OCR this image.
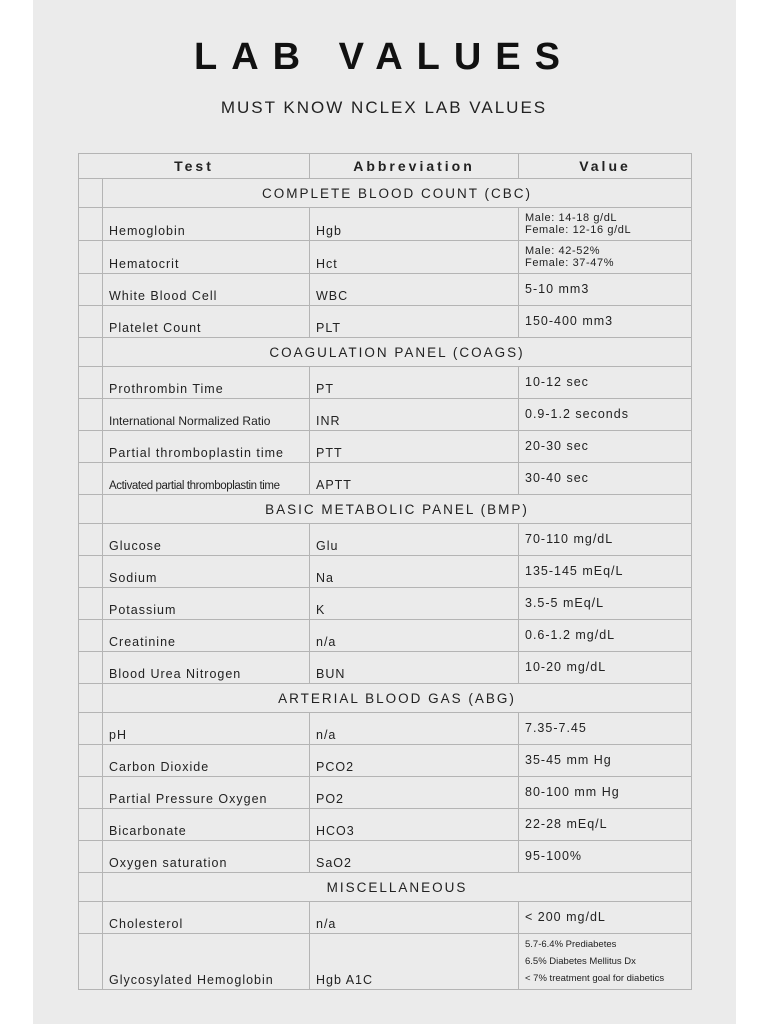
LAB VALUES
MUST KNOW NCLEX LAB VALUES
Test		Abbreviation	Value
	COMPLETE BLOOD COUNT (CBC)		
	Hemoglobin	Hgb	Male: 14-18 g/dL
Female: 12-16 g/dL

	Hematocrit	Hct	Male: 42-52%
Female: 37-47%

	White Blood Cell	WBC	5-10 mm3

	Platelet Count	PLT	150-400 mm3

	COAGULATION PANEL (COAGS)		
	Prothrombin Time	PT	10-12 sec

	International Normalized Ratio	INR	0.9-1.2 seconds

	Partial thromboplastin time	PTT	20-30 sec

	Activated partial thromboplastin time	APTT	30-40 sec

	BASIC METABOLIC PANEL (BMP)		
	Glucose	Glu	70-110 mg/dL

	Sodium	Na	135-145 mEq/L

	Potassium	K	3.5-5 mEq/L

	Creatinine	n/a	0.6-1.2 mg/dL

	Blood Urea Nitrogen	BUN	10-20 mg/dL

	ARTERIAL BLOOD GAS (ABG)		
	pH	n/a	7.35-7.45

	Carbon Dioxide	PCO2	35-45 mm Hg

	Partial Pressure Oxygen	PO2	80-100 mm Hg

	Bicarbonate	HCO3	22-28 mEq/L

	Oxygen saturation	SaO2	95-100%

	MISCELLANEOUS		
	Cholesterol	n/a	< 200 mg/dL

	Glycosylated Hemoglobin	Hgb A1C	5.7-6.4% Prediabetes
6.5% Diabetes Mellitus Dx
< 7% treatment goal for diabetics
